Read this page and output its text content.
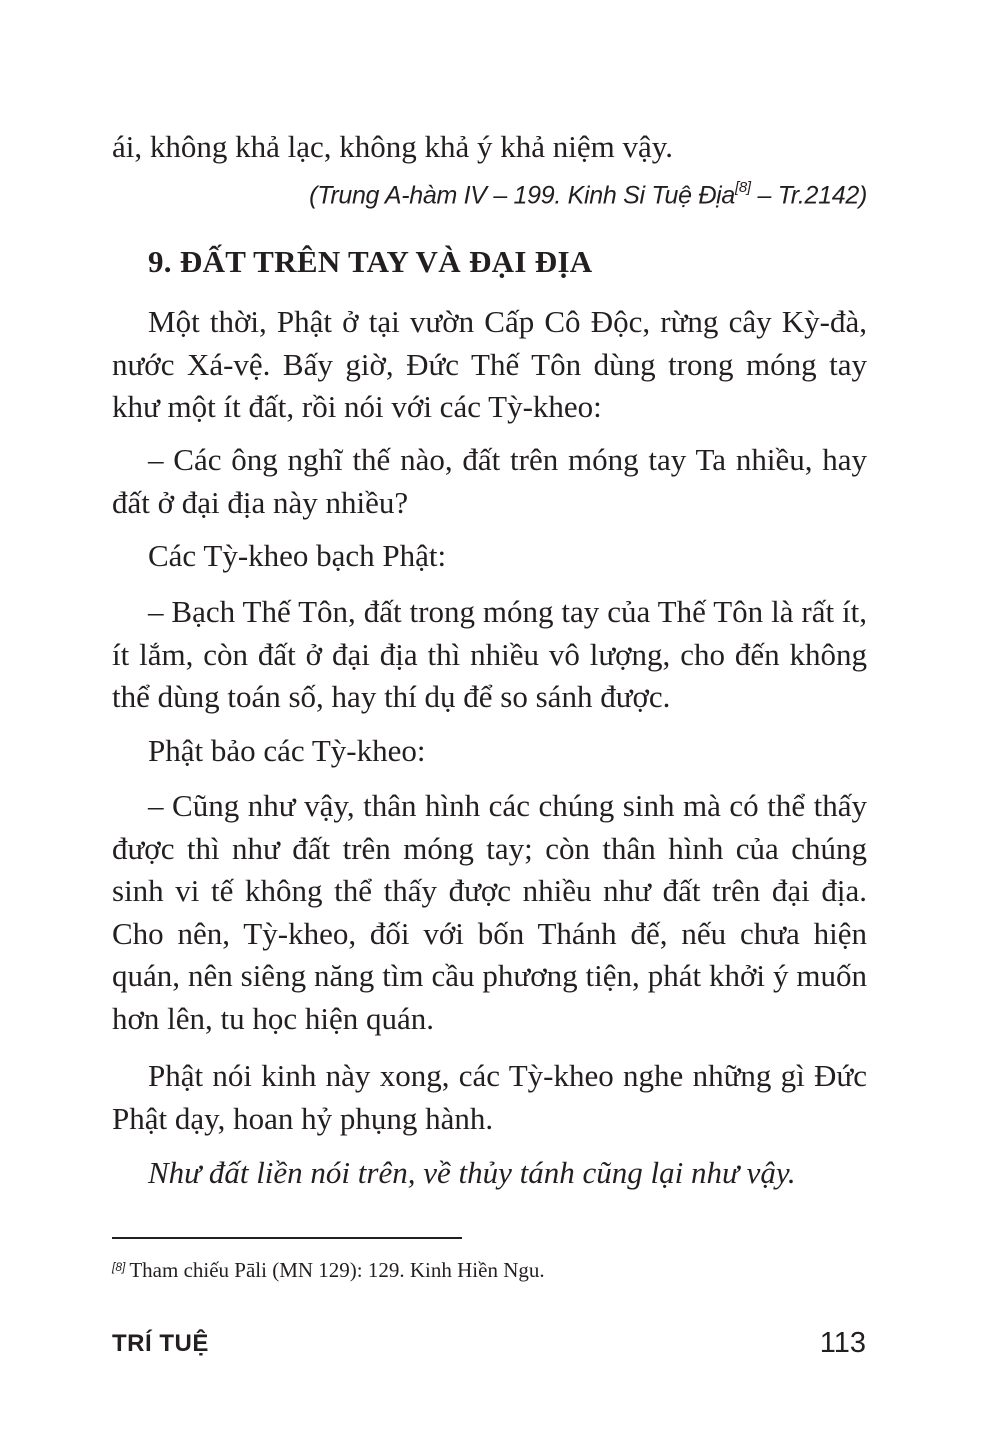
ái, không khả lạc, không khả ý khả niệm vậy.

(Trung A-hàm IV – 199. Kinh Si Tuệ Địa[8] – Tr.2142)
9. ĐẤT TRÊN TAY VÀ ĐẠI ĐỊA

Một thời, Phật ở tại vườn Cấp Cô Độc, rừng cây Kỳ-đà, nước Xá-vệ. Bấy giờ, Đức Thế Tôn dùng trong móng tay khư một ít đất, rồi nói với các Tỳ-kheo:

– Các ông nghĩ thế nào, đất trên móng tay Ta nhiều, hay đất ở đại địa này nhiều?

Các Tỳ-kheo bạch Phật:

– Bạch Thế Tôn, đất trong móng tay của Thế Tôn là rất ít, ít lắm, còn đất ở đại địa thì nhiều vô lượng, cho đến không thể dùng toán số, hay thí dụ để so sánh được.

Phật bảo các Tỳ-kheo:

– Cũng như vậy, thân hình các chúng sinh mà có thể thấy được thì như đất trên móng tay; còn thân hình của chúng sinh vi tế không thể thấy được nhiều như đất trên đại địa. Cho nên, Tỳ-kheo, đối với bốn Thánh đế, nếu chưa hiện quán, nên siêng năng tìm cầu phương tiện, phát khởi ý muốn hơn lên, tu học hiện quán.

Phật nói kinh này xong, các Tỳ-kheo nghe những gì Đức Phật dạy, hoan hỷ phụng hành.

Như đất liền nói trên, về thủy tánh cũng lại như vậy.

[8] Tham chiếu Pāli (MN 129): 129. Kinh Hiền Ngu.
TRÍ TUỆ	113
